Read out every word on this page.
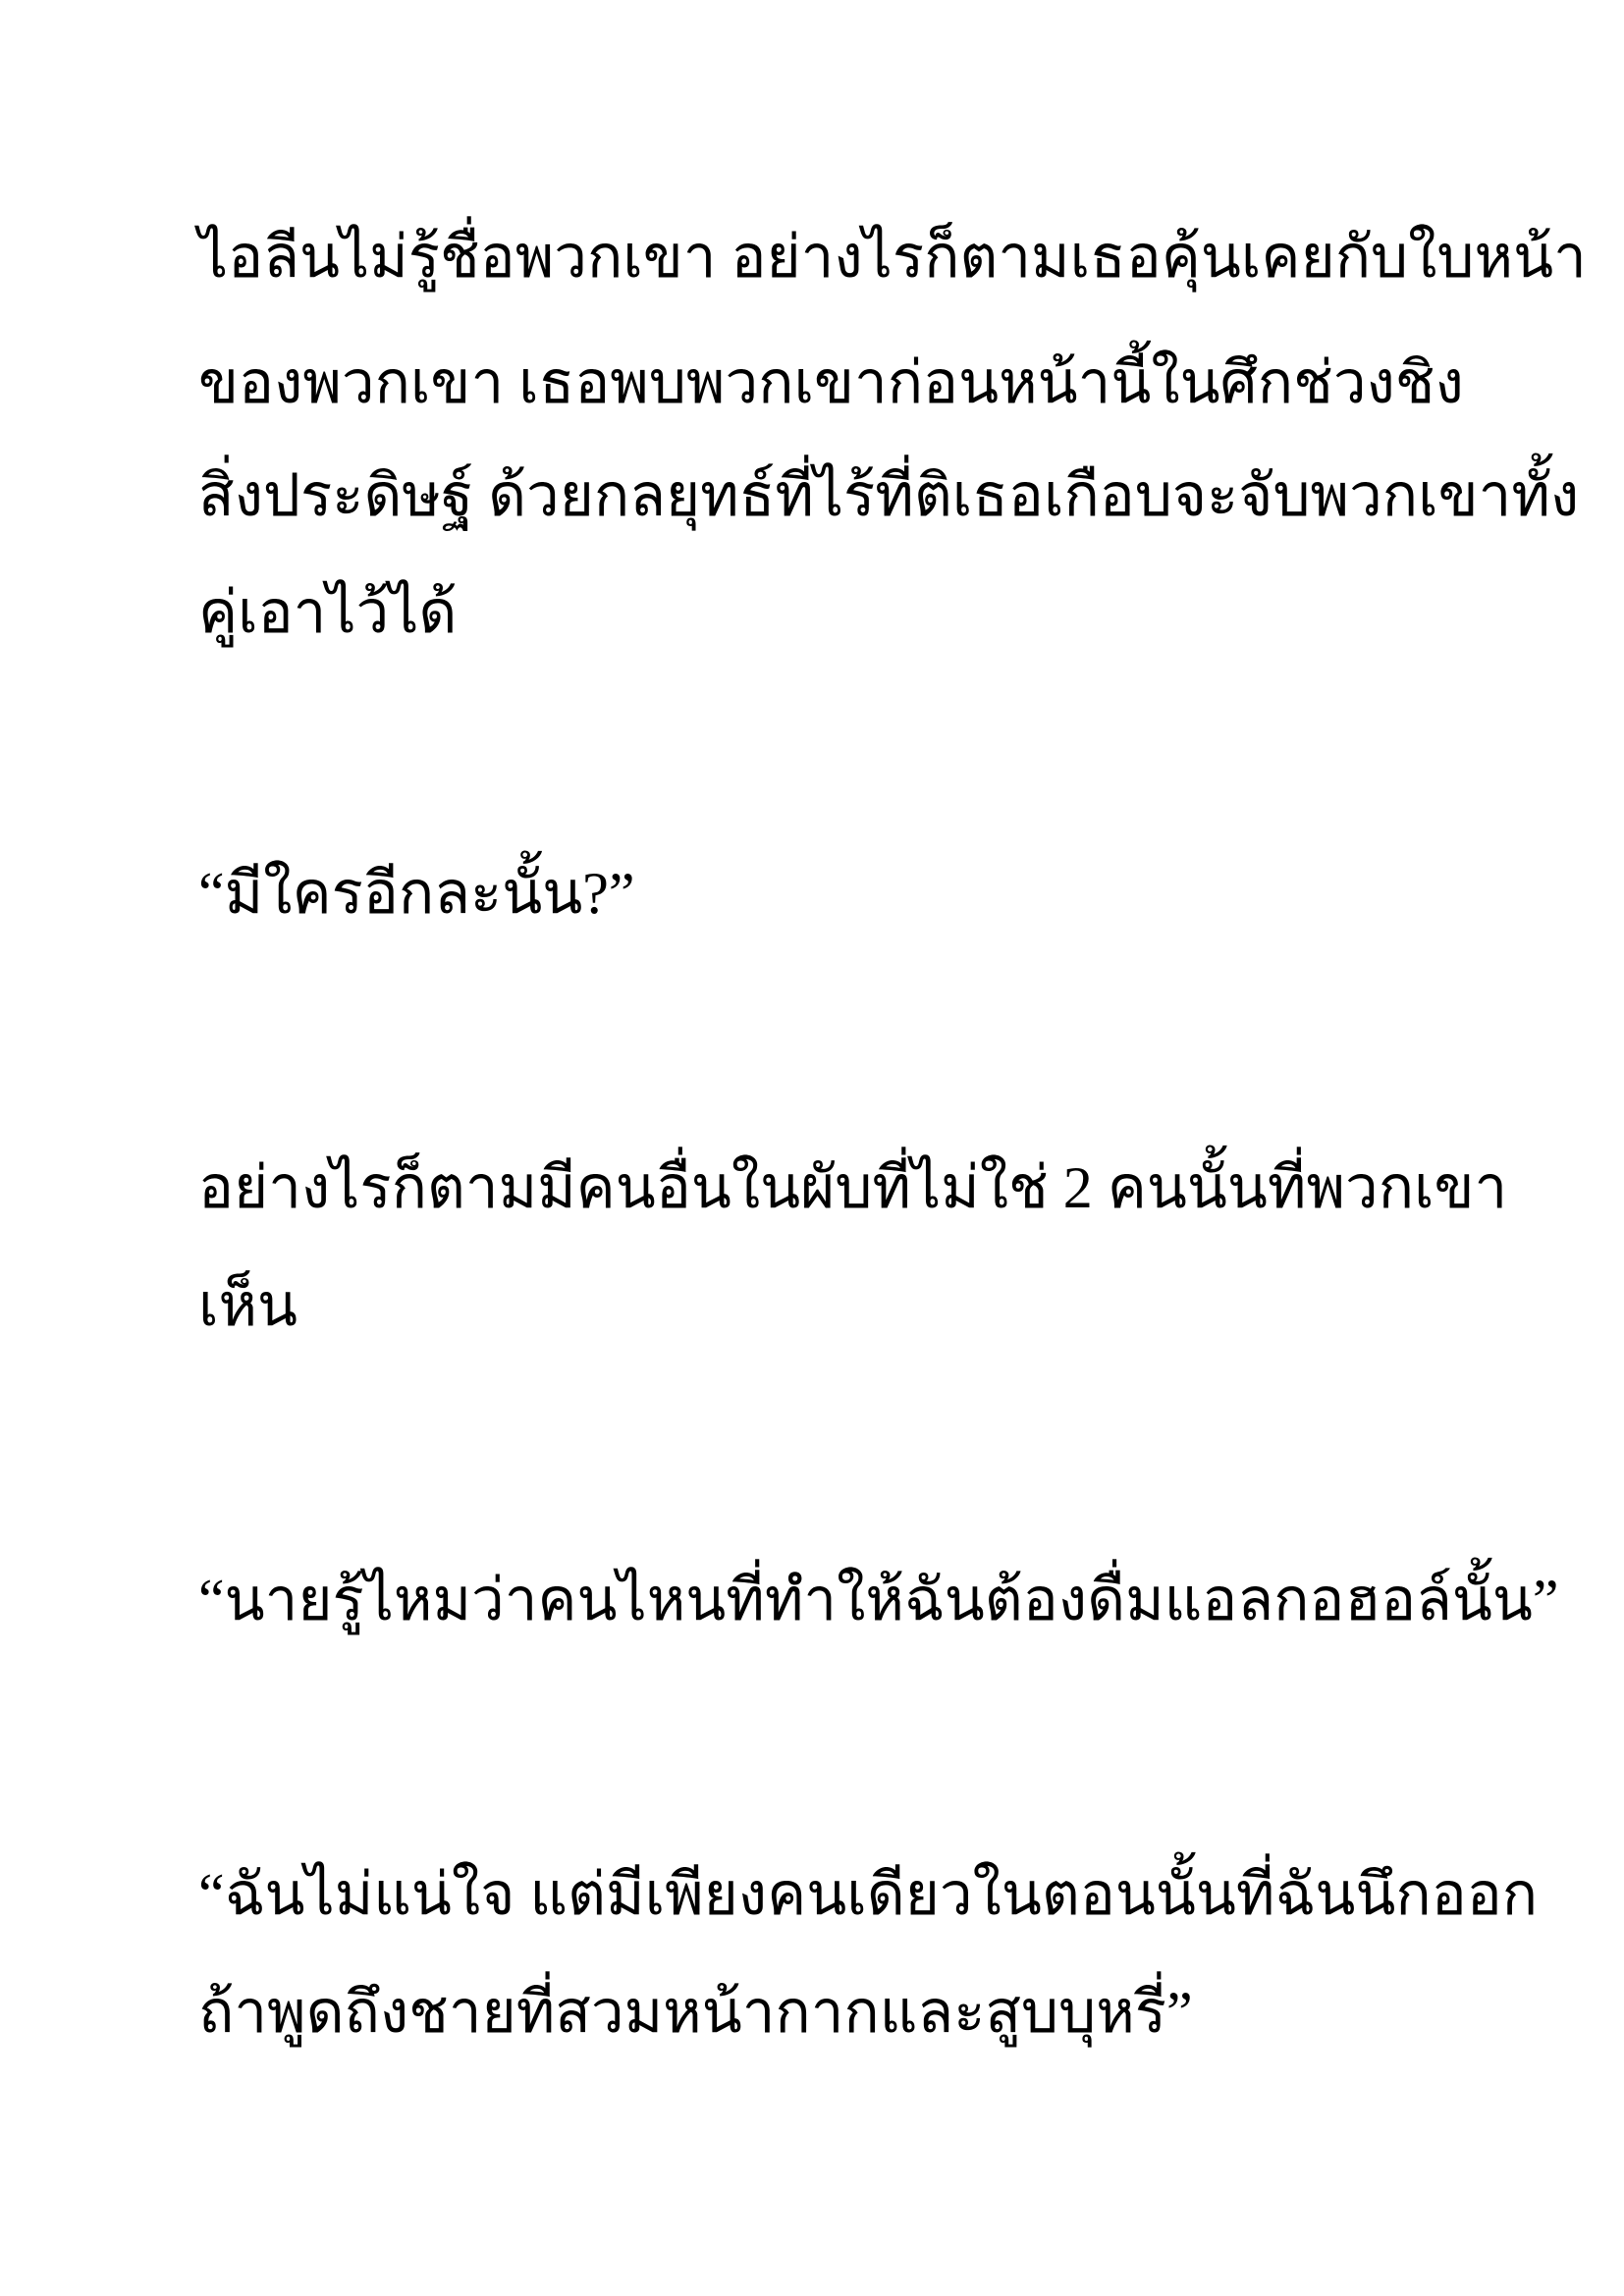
ไอลีนไม่รู้ชื่อพวกเขา อย่างไรก็ตามเธอคุ้นเคยกับใบหน้า
ของพวกเขา เธอพบพวกเขาก่อนหน้านี้ในศึกช่วงชิง
สิ่งประดิษฐ์ ด้วยกลยุทธ์ที่ไร้ที่ติเธอเกือบจะจับพวกเขาทั้ง
คู่เอาไว้ได้
“มีใครอีกละนั้น?”
อย่างไรก็ตามมีคนอื่นในผับที่ไม่ใช่ 2 คนนั้นที่พวกเขา
เห็น
“นายรู้ไหมว่าคนไหนที่ทำให้ฉันต้องดื่มแอลกอฮอล์นั้น”
“ฉันไม่แน่ใจ แต่มีเพียงคนเดียวในตอนนั้นที่ฉันนึกออก
ถ้าพูดถึงชายที่สวมหน้ากากและสูบบุหรี่”
